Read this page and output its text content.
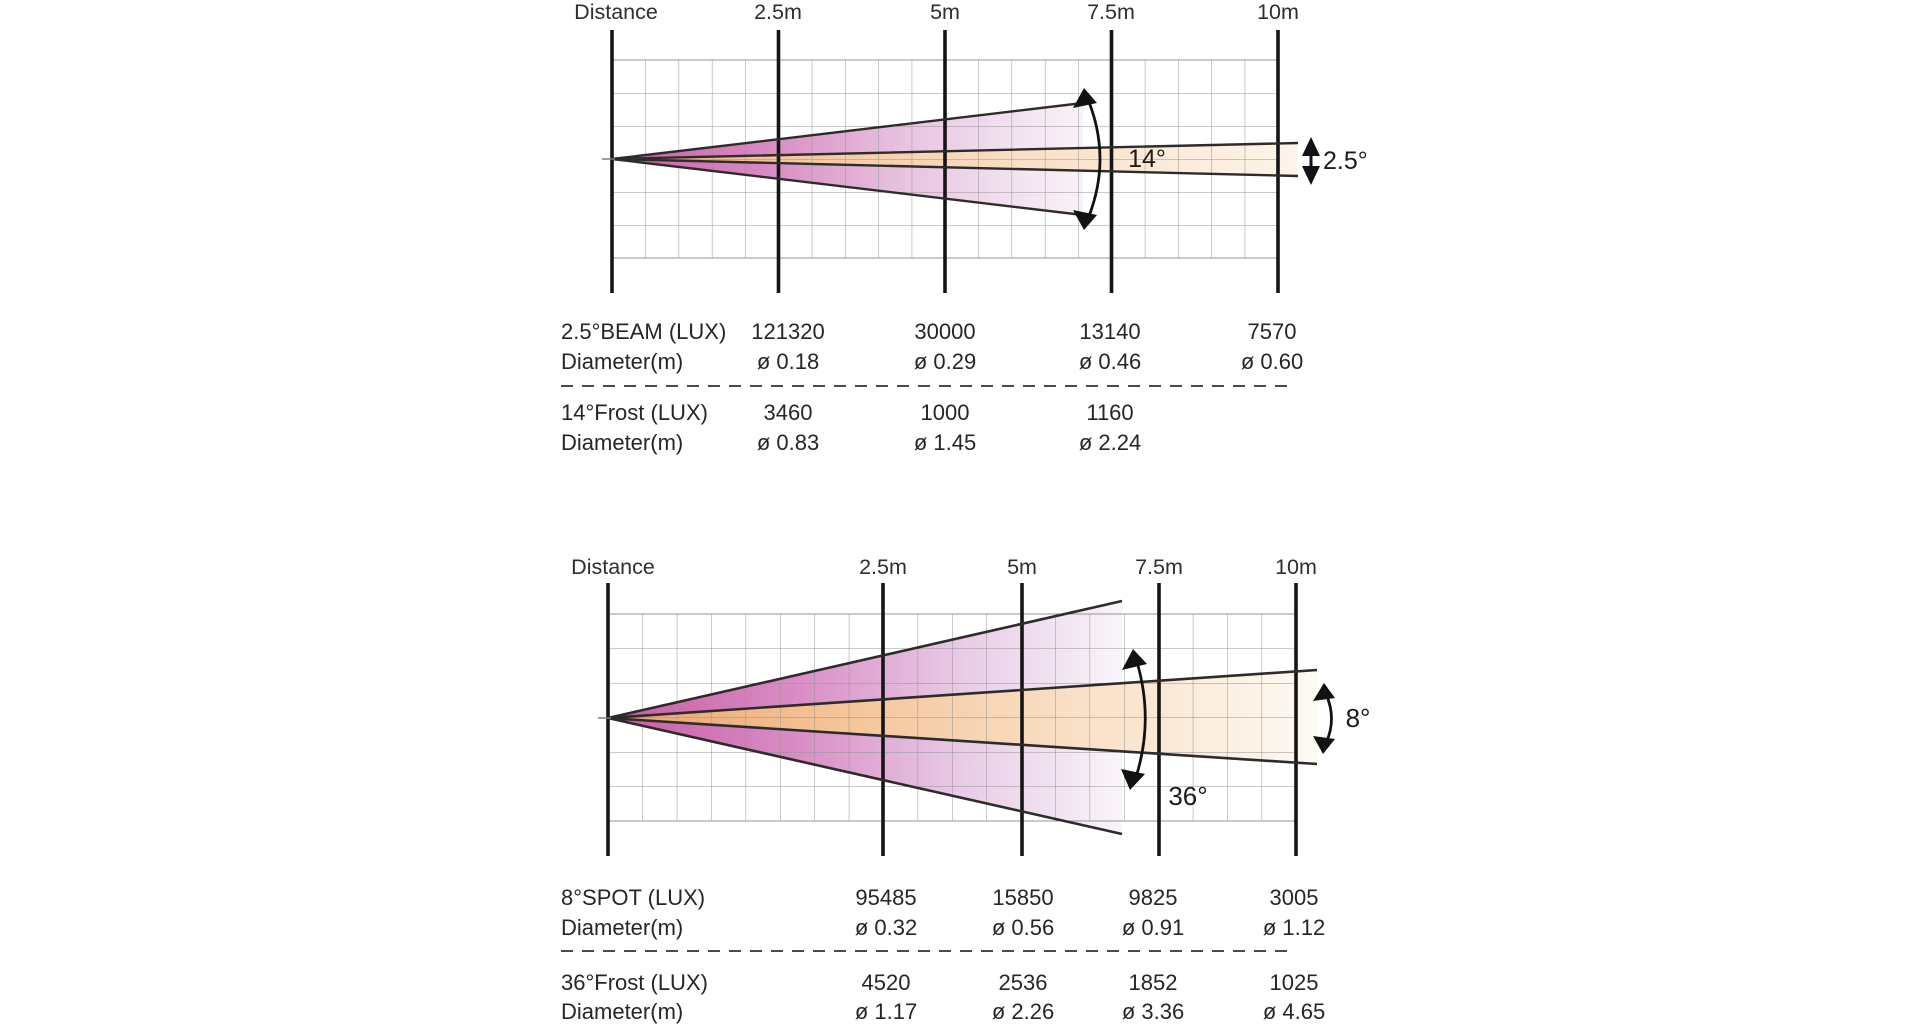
Distance	2.5m	5m	7.5m	10m
14°	2.5°
Distance	2.5m	5m	7.5m	10m
36°
8°
2.5°BEAM (LUX) 121320	30000	13140	7570
Diameter(m)	ø 0.18	ø 0.29	ø 0.46	ø 0.60
14°Frost (LUX)	3460	1000	1160
Diameter(m)	ø 0.83	ø 1.45	ø 2.24
8°SPOT (LUX)	95485	15850	9825	3005
Diameter(m)	ø 0.32	ø 0.56	ø 0.91	ø 1.12
36°Frost (LUX)	4520	2536	1852	1025
Diameter(m)	ø 1.17	ø 2.26	ø 3.36	ø 4.65
